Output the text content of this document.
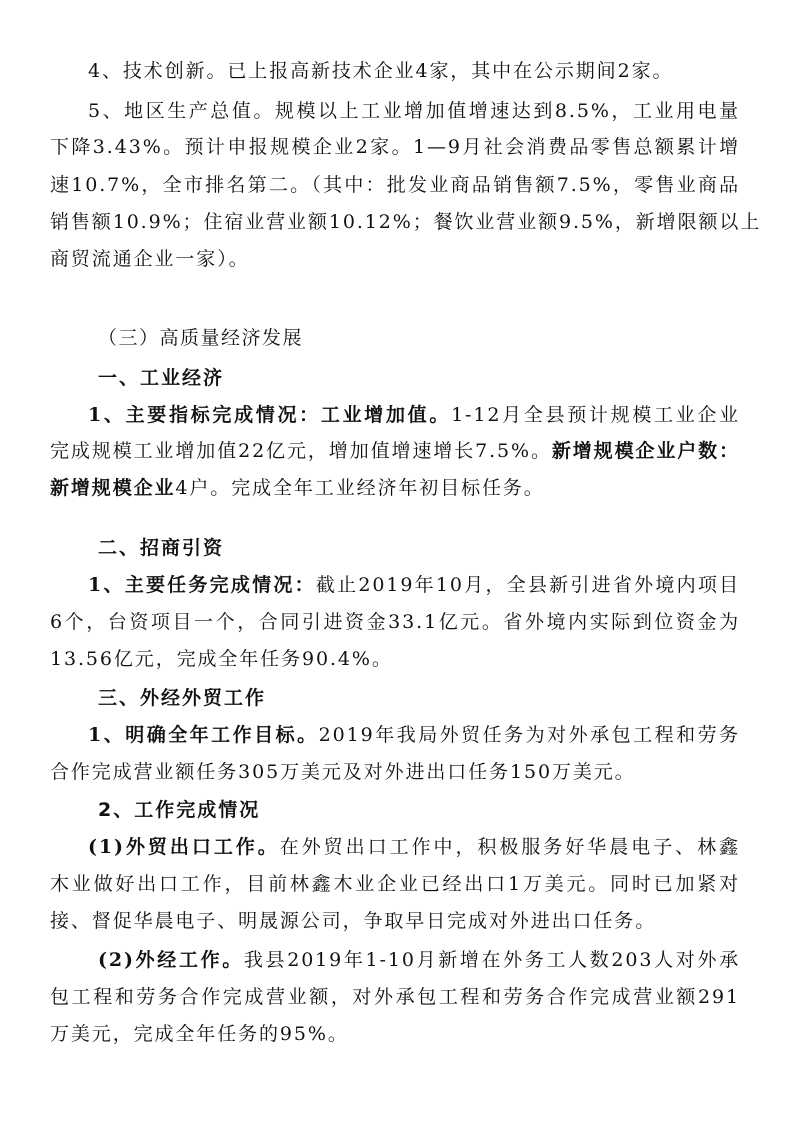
4、技术创新。已上报高新技术企业4家，其中在公示期间2家。
5、地区生产总值。规模以上工业增加值增速达到8.5%，工业用电量
下降3.43%。预计申报规模企业2家。1—9月社会消费品零售总额累计增
速10.7%，全市排名第二。（其中：批发业商品销售额7.5%，零售业商品
销售额10.9%；住宿业营业额10.12%；餐饮业营业额9.5%，新增限额以上
商贸流通企业一家）。
（三）高质量经济发展
一、工业经济
1、主要指标完成情况：工业增加值。1-12月全县预计规模工业企业
完成规模工业增加值22亿元，增加值增速增长7.5%。新增规模企业户数：
新增规模企业4户。完成全年工业经济年初目标任务。
二、招商引资
1、主要任务完成情况：截止2019年10月，全县新引进省外境内项目
6个，台资项目一个，合同引进资金33.1亿元。省外境内实际到位资金为
13.56亿元，完成全年任务90.4%。
三、外经外贸工作
1、明确全年工作目标。2019年我局外贸任务为对外承包工程和劳务
合作完成营业额任务305万美元及对外进出口任务150万美元。
2、工作完成情况
(1)外贸出口工作。在外贸出口工作中，积极服务好华晨电子、林鑫
木业做好出口工作，目前林鑫木业企业已经出口1万美元。同时已加紧对
接、督促华晨电子、明晟源公司，争取早日完成对外进出口任务。
(2)外经工作。我县2019年1-10月新增在外务工人数203人对外承
包工程和劳务合作完成营业额，对外承包工程和劳务合作完成营业额291
万美元，完成全年任务的95%。
